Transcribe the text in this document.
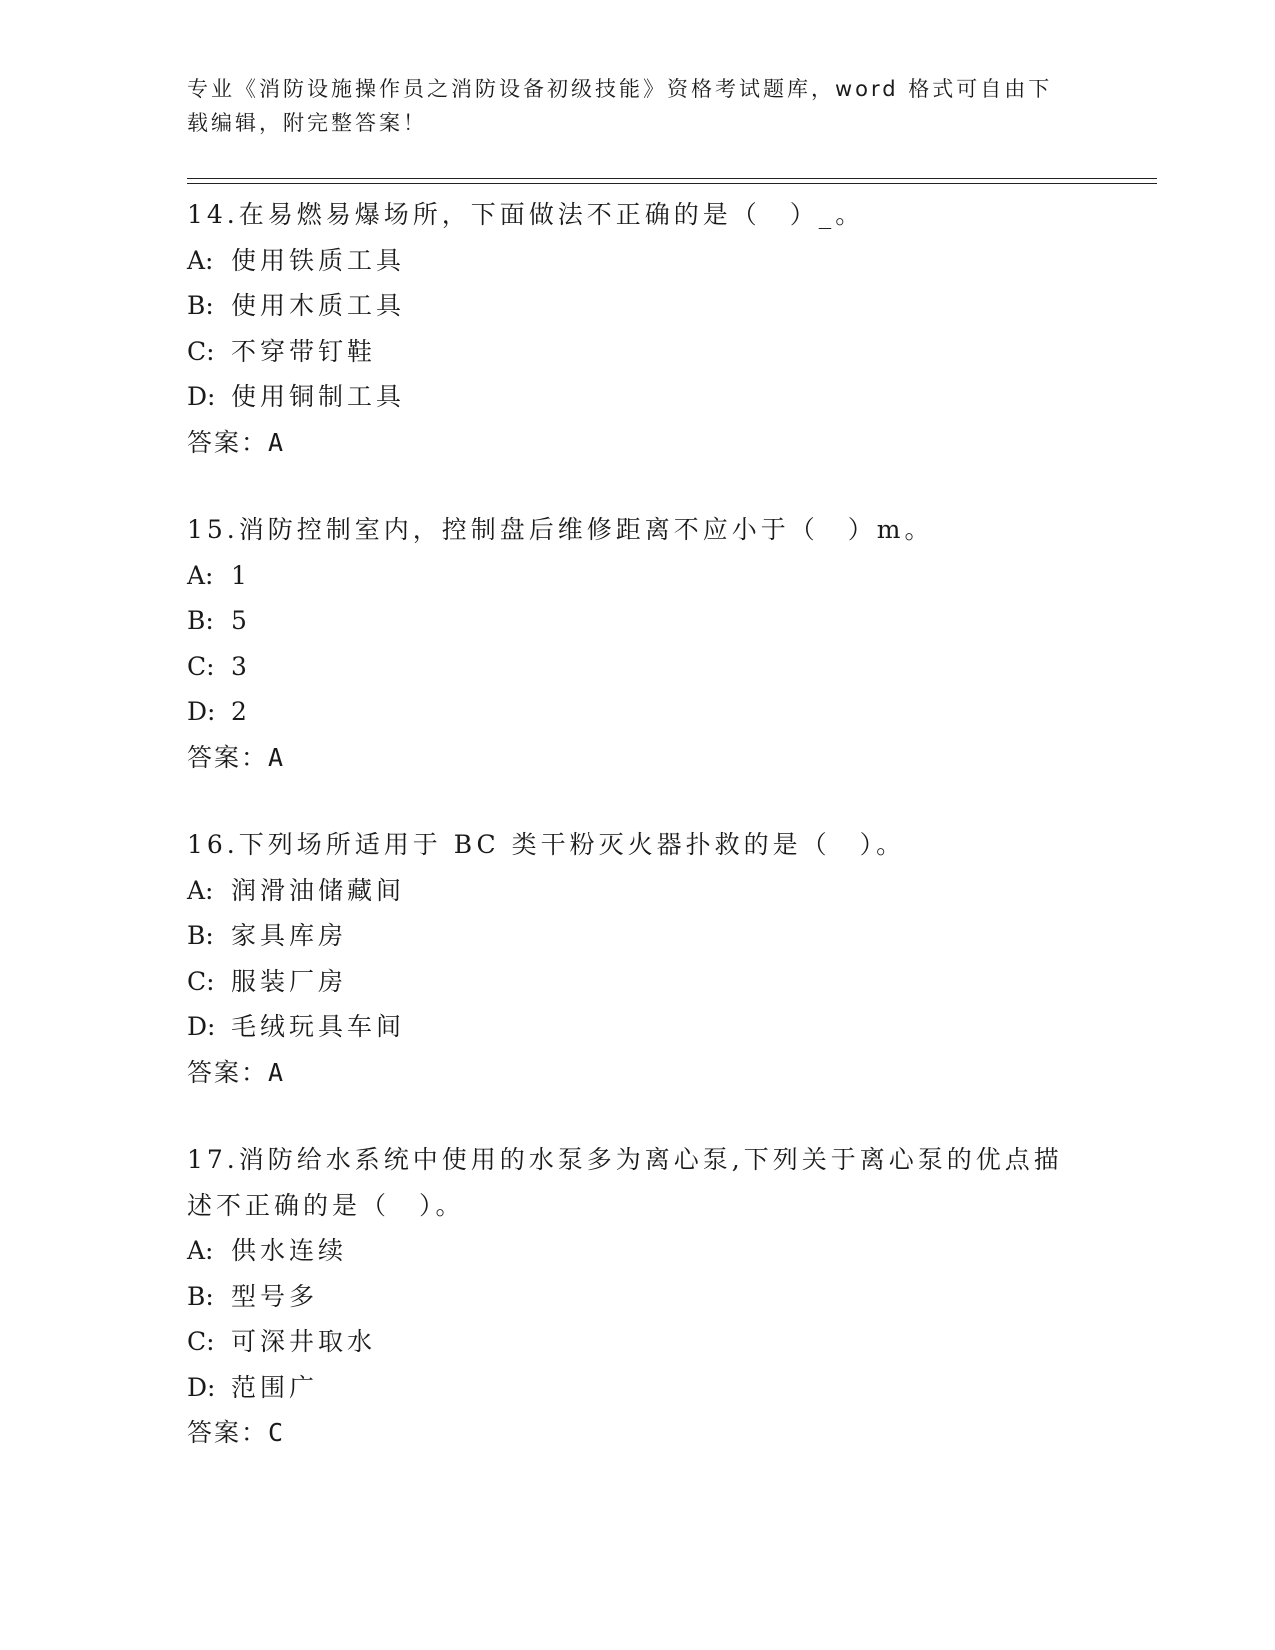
专业《消防设施操作员之消防设备初级技能》资格考试题库，word 格式可自由下
载编辑，附完整答案！
14.在易燃易爆场所，下面做法不正确的是（　）_。
A: 使用铁质工具
B: 使用木质工具
C: 不穿带钉鞋
D: 使用铜制工具
答案：A
15.消防控制室内，控制盘后维修距离不应小于（　）m。
A: 1
B: 5
C: 3
D: 2
答案：A
16.下列场所适用于 BC 类干粉灭火器扑救的是（　）。
A: 润滑油储藏间
B: 家具库房
C: 服装厂房
D: 毛绒玩具车间
答案：A
17.消防给水系统中使用的水泵多为离心泵,下列关于离心泵的优点描
述不正确的是（　）。
A: 供水连续
B: 型号多
C: 可深井取水
D: 范围广
答案：C
